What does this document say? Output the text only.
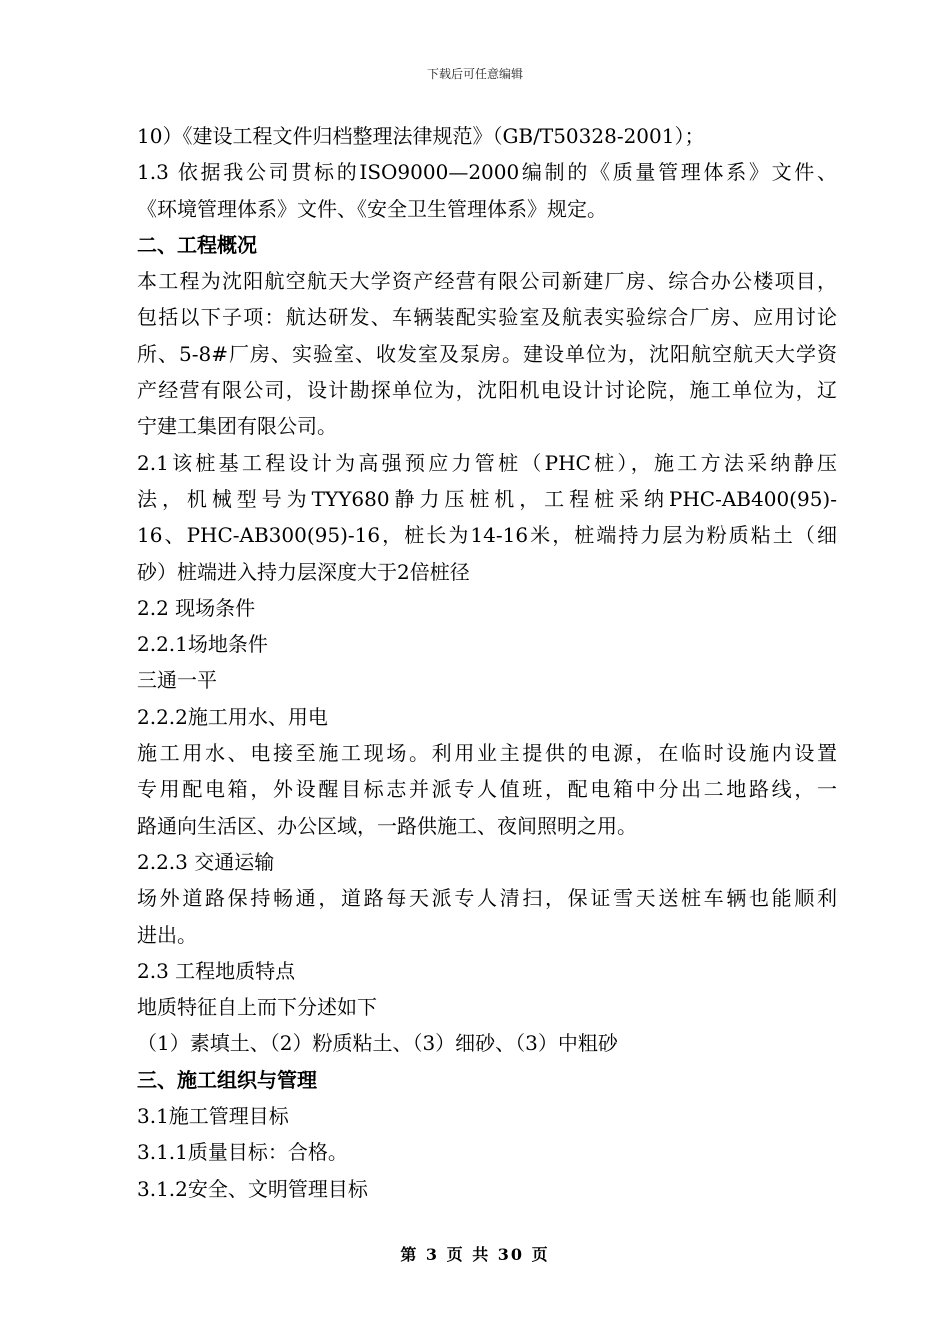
下载后可任意编辑
10）《建设工程文件归档整理法律规范》（GB/T50328-2001）；
1.3 依据我公司贯标的ISO9000—2000编制的《质量管理体系》文件、
《环境管理体系》文件、《安全卫生管理体系》规定。
二、工程概况
本工程为沈阳航空航天大学资产经营有限公司新建厂房、综合办公楼项目，
包括以下子项：航达研发、车辆装配实验室及航表实验综合厂房、应用讨论
所、5-8#厂房、实验室、收发室及泵房。建设单位为，沈阳航空航天大学资
产经营有限公司，设计勘探单位为，沈阳机电设计讨论院，施工单位为，辽
宁建工集团有限公司。
2.1该桩基工程设计为高强预应力管桩（PHC桩），施工方法采纳静压
法，机械型号为TYY680静力压桩机，工程桩采纳PHC-AB400(95)-
16、PHC-AB300(95)-16，桩长为14-16米，桩端持力层为粉质粘土（细
砂）桩端进入持力层深度大于2倍桩径
2.2 现场条件
2.2.1场地条件
三通一平
2.2.2施工用水、用电
施工用水、电接至施工现场。利用业主提供的电源，在临时设施内设置
专用配电箱，外设醒目标志并派专人值班，配电箱中分出二地路线，一
路通向生活区、办公区域，一路供施工、夜间照明之用。
2.2.3 交通运输
场外道路保持畅通，道路每天派专人清扫，保证雪天送桩车辆也能顺利
进出。
2.3 工程地质特点
地质特征自上而下分述如下
（1）素填土、（2）粉质粘土、（3）细砂、（3）中粗砂
三、施工组织与管理
3.1施工管理目标
3.1.1质量目标：合格。
3.1.2安全、文明管理目标
第 3 页 共 30 页
